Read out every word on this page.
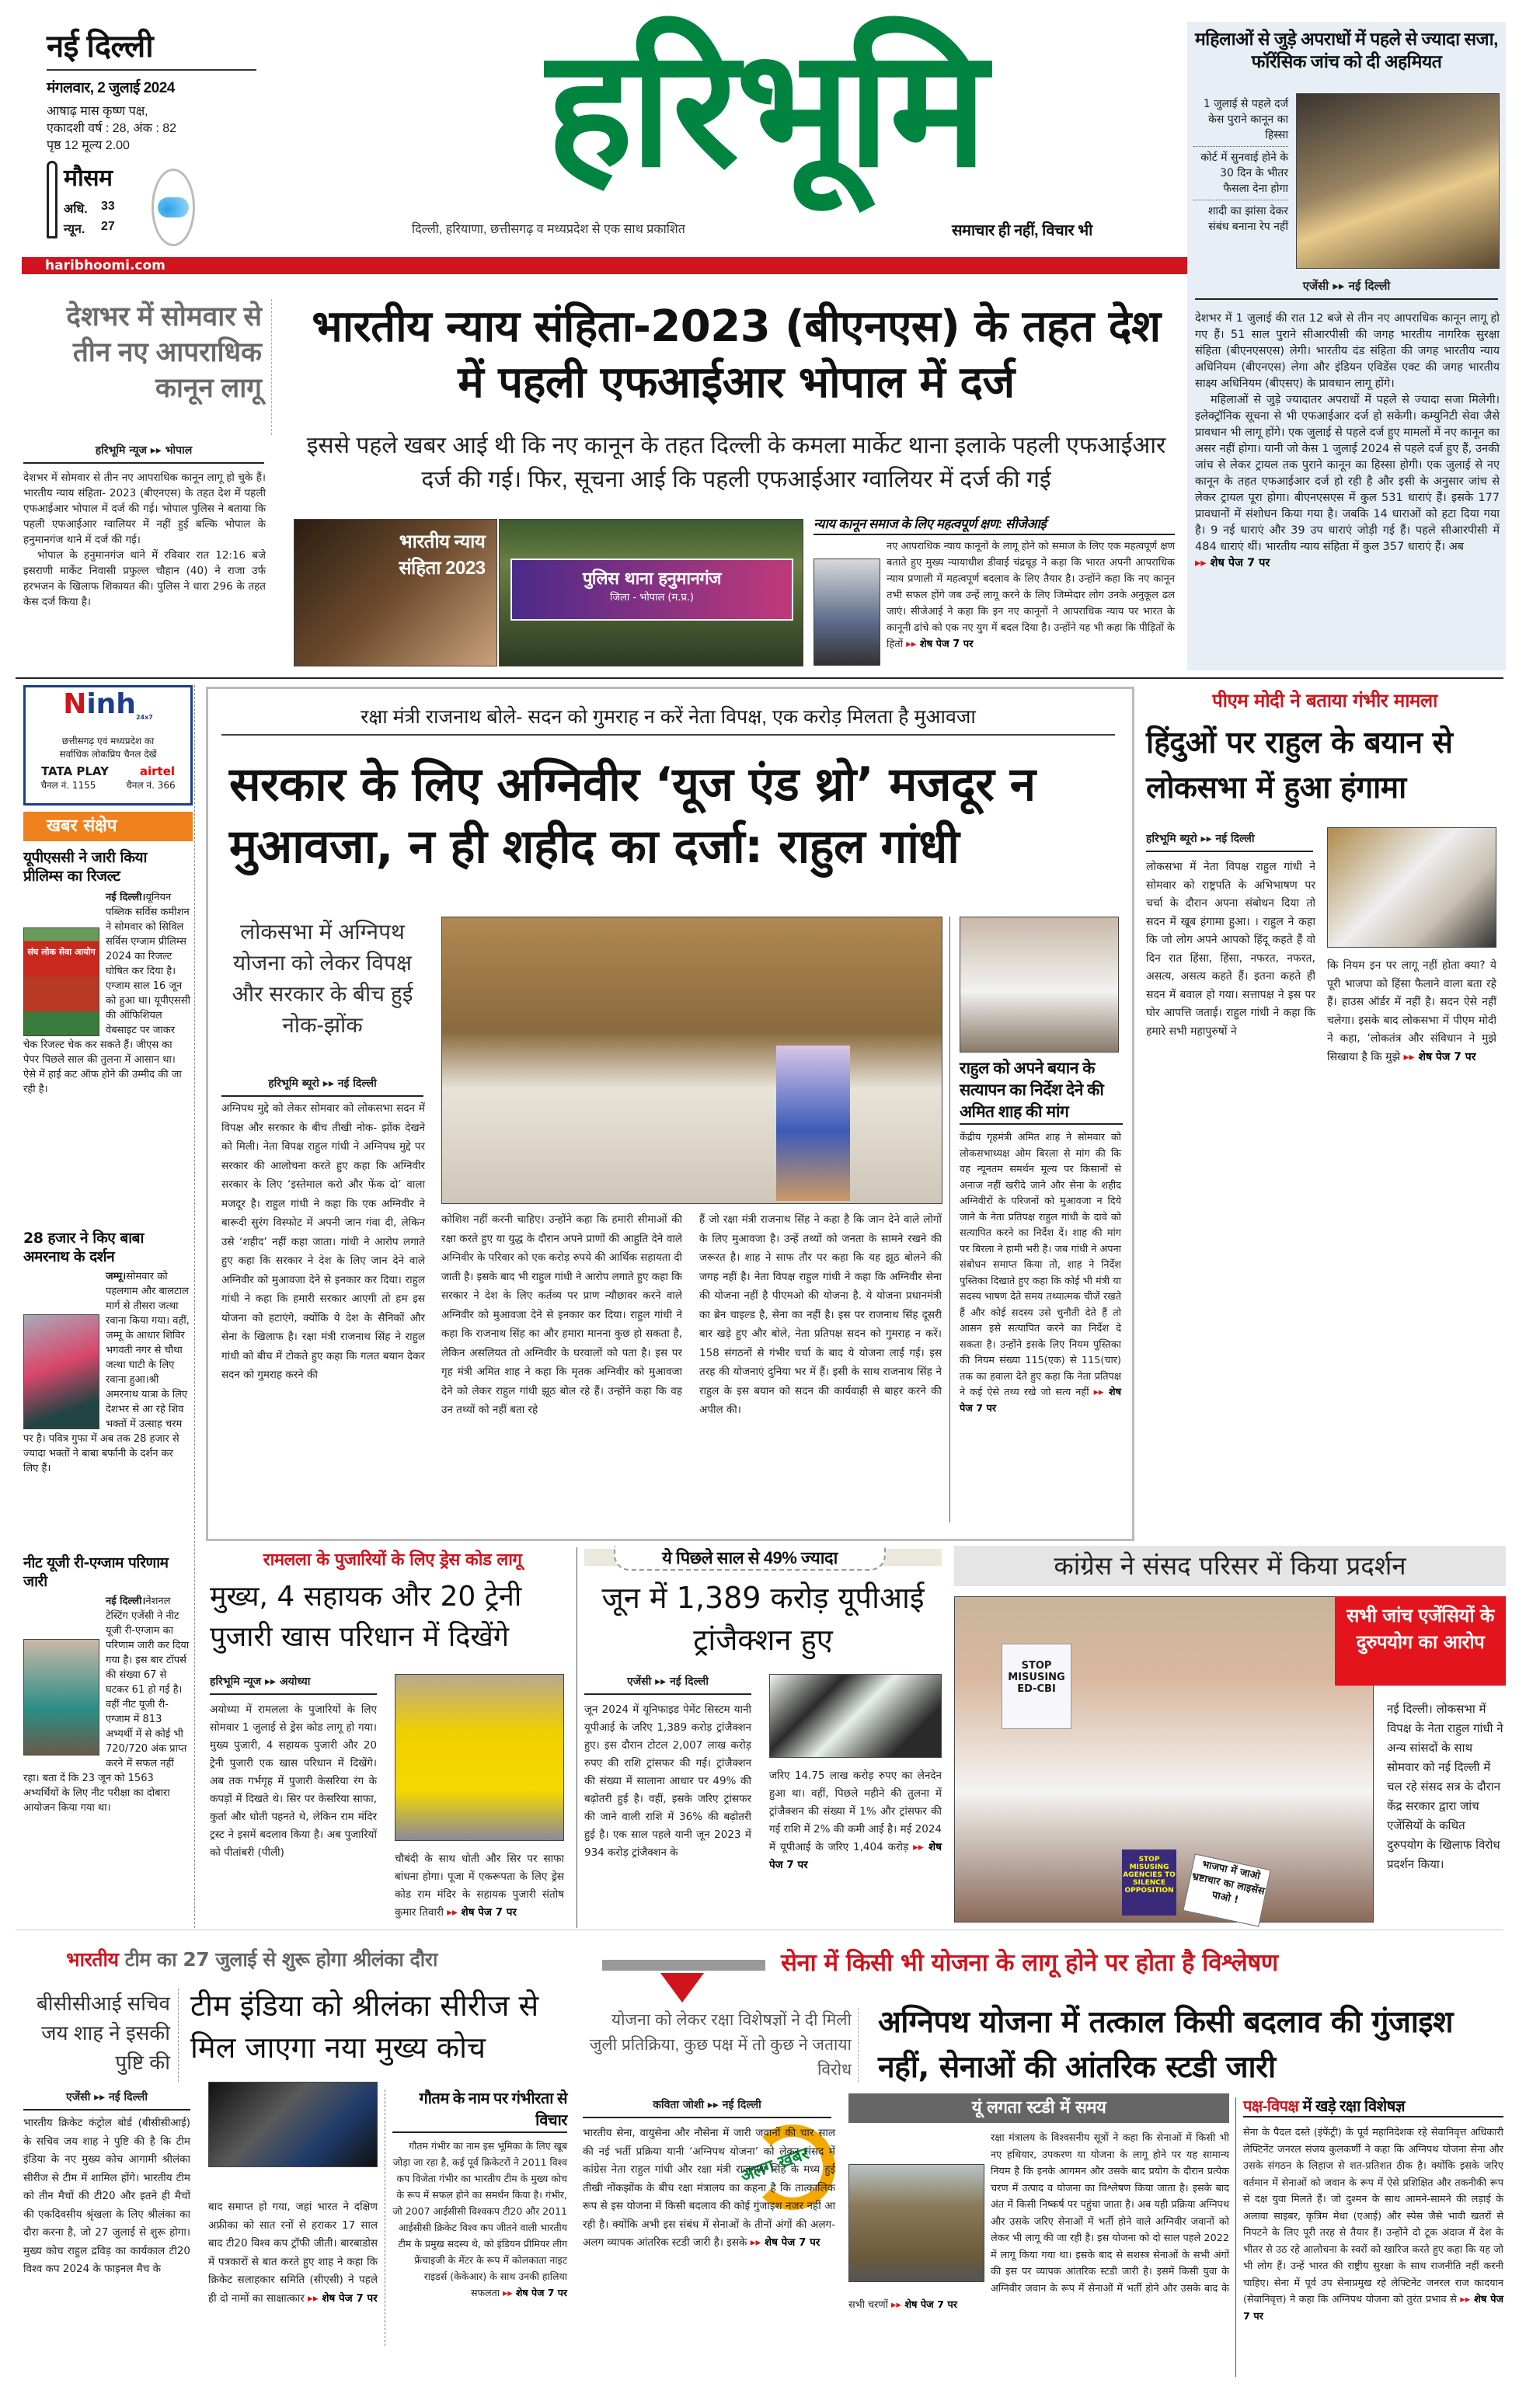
नई दिल्ली
मंगलवार, 2 जुलाई 2024
आषाढ़ मास कृष्ण पक्ष,
एकादशी वर्ष : 28, अंक : 82
पृष्ठ 12 मूल्य 2.00
मौसम
अधि. 33
न्यून. 27
हरिभूमि
दिल्ली, हरियाणा, छत्तीसगढ़ व मध्यप्रदेश से एक साथ प्रकाशित	समाचार ही नहीं, विचार भी
haribhoomi.com
महिलाओं से जुड़े अपराधों में पहले से ज्यादा सजा, फॉरेंसिक जांच को दी अहमियत
1 जुलाई से पहले दर्ज केस पुराने कानून का हिस्सा
कोर्ट में सुनवाई होने के 30 दिन के भीतर फैसला देना होगा
शादी का झांसा देकर संबंध बनाना रेप नहीं
एजेंसी ▸▸ नई दिल्ली

देशभर में 1 जुलाई की रात 12 बजे से तीन नए आपराधिक कानून लागू हो गए हैं। 51 साल पुराने सीआरपीसी की जगह भारतीय नागरिक सुरक्षा संहिता (बीएनएसएस) लेगी। भारतीय दंड संहिता की जगह भारतीय न्याय अधिनियम (बीएनएस) लेगा और इंडियन एविडेंस एक्ट की जगह भारतीय साक्ष्य अधिनियम (बीएसए) के प्रावधान लागू होंगे।

महिलाओं से जुड़े ज्यादातर अपराधों में पहले से ज्यादा सजा मिलेगी। इलेक्ट्रॉनिक सूचना से भी एफआईआर दर्ज हो सकेगी। कम्युनिटी सेवा जैसे प्रावधान भी लागू होंगे। एक जुलाई से पहले दर्ज हुए मामलों में नए कानून का असर नहीं होगा। यानी जो केस 1 जुलाई 2024 से पहले दर्ज हुए हैं, उनकी जांच से लेकर ट्रायल तक पुराने कानून का हिस्सा होगी। एक जुलाई से नए कानून के तहत एफआईआर दर्ज हो रही है और इसी के अनुसार जांच से लेकर ट्रायल पूरा होगा। बीएनएसएस में कुल 531 धाराएं हैं। इसके 177 प्रावधानों में संशोधन किया गया है। जबकि 14 धाराओं को हटा दिया गया है। 9 नई धाराएं और 39 उप धाराएं जोड़ी गई हैं। पहले सीआरपीसी में 484 धाराएं थीं। भारतीय न्याय संहिता में कुल 357 धाराएं हैं। अब

▸▸ शेष पेज 7 पर
देशभर में सोमवार से तीन नए आपराधिक कानून लागू
हरिभूमि न्यूज ▸▸ भोपाल

देशभर में सोमवार से तीन नए आपराधिक कानून लागू हो चुके हैं। भारतीय न्याय संहिता- 2023 (बीएनएस) के तहत देश में पहली एफआईआर भोपाल में दर्ज की गई। भोपाल पुलिस ने बताया कि पहली एफआईआर ग्वालियर में नहीं हुई बल्कि भोपाल के हनुमानगंज थाने में दर्ज की गई।

भोपाल के हनुमानगंज थाने में रविवार रात 12:16 बजे इसराणी मार्केट निवासी प्रफुल्ल चौहान (40) ने राजा उर्फ हरभजन के खिलाफ शिकायत की। पुलिस ने धारा 296 के तहत केस दर्ज किया है।

भारतीय न्याय संहिता-2023 (बीएनएस) के तहत देश में पहली एफआईआर भोपाल में दर्ज
इससे पहले खबर आई थी कि नए कानून के तहत दिल्ली के कमला मार्केट थाना इलाके पहली एफआईआर दर्ज की गई। फिर, सूचना आई कि पहली एफआईआर ग्वालियर में दर्ज की गई
भारतीय न्याय संहिता 2023
पुलिस थाना हनुमानगंज
जिला - भोपाल (म.प्र.)
न्याय कानून समाज के लिए महत्वपूर्ण क्षण: सीजेआई
नए आपराधिक न्याय कानूनों के लागू होने को समाज के लिए एक महत्वपूर्ण क्षण बताते हुए मुख्य न्यायाधीश डीवाई चंद्रचूड़ ने कहा कि भारत अपनी आपराधिक न्याय प्रणाली में महत्वपूर्ण बदलाव के लिए तैयार है। उन्होंने कहा कि नए कानून तभी सफल होंगे जब उन्हें लागू करने के लिए जिम्मेदार लोग उनके अनुकूल ढल जाएं। सीजेआई ने कहा कि इन नए कानूनों ने आपराधिक न्याय पर भारत के कानूनी ढांचे को एक नए युग में बदल दिया है। उन्होंने यह भी कहा कि पीड़ितों के हितों ▸▸ शेष पेज 7 पर
Ninh$_{24x7}$
छत्तीसगढ़ एवं मध्यप्रदेश का
सर्वाधिक लोकप्रिय चैनल देखें
TATA PLAY	airtel
चैनल नं. 1155	चैनल नं. 366
खबर संक्षेप
यूपीएससी ने जारी किया प्रीलिम्स का रिजल्ट
संघ लोक सेवा आयोग
नई दिल्ली।यूनियन पब्लिक सर्विस कमीशन ने सोमवार को सिविल सर्विस एग्जाम प्रीलिम्स 2024 का रिजल्ट घोषित कर दिया है। एग्जाम साल 16 जून को हुआ था। यूपीएससी की ऑफिशियल वेबसाइट पर जाकर चेक रिजल्ट चेक कर सकते हैं। जीएस का पेपर पिछले साल की तुलना में आसान था। ऐसे में हाई कट ऑफ होने की उम्मीद की जा रही है।
28 हजार ने किए बाबा अमरनाथ के दर्शन
जम्मू।सोमवार को पहलगाम और बालटाल मार्ग से तीसरा जत्था रवाना किया गया। वहीं, जम्मू के आधार शिविर भगवती नगर से चौथा जत्था घाटी के लिए रवाना हुआ।श्री अमरनाथ यात्रा के लिए देशभर से आ रहे शिव भक्तों में उत्साह चरम पर है। पवित्र गुफा में अब तक 28 हजार से ज्यादा भक्तों ने बाबा बर्फानी के दर्शन कर लिए हैं।
नीट यूजी री-एग्जाम परिणाम जारी
नई दिल्ली।नेशनल टेस्टिंग एजेंसी ने नीट यूजी री-एग्जाम का परिणाम जारी कर दिया गया है। इस बार टॉपर्स की संख्या 67 से घटकर 61 हो गई है। वहीं नीट यूजी री-एग्जाम में 813 अभ्यर्थी में से कोई भी 720/720 अंक प्राप्त करने में सफल नहीं रहा। बता दें कि 23 जून को 1563 अभ्यर्थियों के लिए नीट परीक्षा का दोबारा आयोजन किया गया था।
रक्षा मंत्री राजनाथ बोले- सदन को गुमराह न करें नेता विपक्ष, एक करोड़ मिलता है मुआवजा
सरकार के लिए अग्निवीर ‘यूज एंड थ्रो’ मजदूर न मुआवजा, न ही शहीद का दर्जा: राहुल गांधी
लोकसभा में अग्निपथ योजना को लेकर विपक्ष और सरकार के बीच हुई नोक-झोंक
हरिभूमि ब्यूरो ▸▸ नई दिल्ली
अग्निपथ मुद्दे को लेकर सोमवार को लोकसभा सदन में विपक्ष और सरकार के बीच तीखी नोक- झोंक देखने को मिली। नेता विपक्ष राहुल गांधी ने अग्निपथ मुद्दे पर सरकार की आलोचना करते हुए कहा कि अग्निवीर सरकार के लिए ‘इस्तेमाल करो और फेंक दो’ वाला मजदूर है। राहुल गांधी ने कहा कि एक अग्निवीर ने बारूदी सुरंग विस्फोट में अपनी जान गंवा दी, लेकिन उसे ‘शहीद’ नहीं कहा जाता। गांधी ने आरोप लगाते हुए कहा कि सरकार ने देश के लिए जान देने वाले अग्निवीर को मुआवजा देने से इनकार कर दिया। राहुल गांधी ने कहा कि हमारी सरकार आएगी तो हम इस योजना को हटाएंगे, क्योंकि ये देश के सैनिकों और सेना के खिलाफ है। रक्षा मंत्री राजनाथ सिंह ने राहुल गांधी को बीच में टोकते हुए कहा कि गलत बयान देकर सदन को गुमराह करने की
कोशिश नहीं करनी चाहिए। उन्होंने कहा कि हमारी सीमाओं की रक्षा करते हुए या युद्ध के दौरान अपने प्राणों की आहुति देने वाले अग्निवीर के परिवार को एक करोड़ रुपये की आर्थिक सहायता दी जाती है। इसके बाद भी राहुल गांधी ने आरोप लगाते हुए कहा कि सरकार ने देश के लिए कर्तव्य पर प्राण न्यौछावर करने वाले अग्निवीर को मुआवजा देने से इनकार कर दिया। राहुल गांधी ने कहा कि राजनाथ सिंह का और हमारा मानना कुछ हो सकता है, लेकिन असलियत तो अग्निवीर के घरवालों को पता है। इस पर गृह मंत्री अमित शाह ने कहा कि मृतक अग्निवीर को मुआवजा देने को लेकर राहुल गांधी झूठ बोल रहे हैं। उन्होंने कहा कि वह उन तथ्यों को नहीं बता रहे
हैं जो रक्षा मंत्री राजनाथ सिंह ने कहा है कि जान देने वाले लोगों के लिए मुआवजा है। उन्हें तथ्यों को जनता के सामने रखने की जरूरत है। शाह ने साफ तौर पर कहा कि यह झूठ बोलने की जगह नहीं है। नेता विपक्ष राहुल गांधी ने कहा कि अग्निवीर सेना की योजना नहीं है पीएमओ की योजना है. ये योजना प्रधानमंत्री का ब्रेन चाइल्ड है, सेना का नहीं है। इस पर राजनाथ सिंह दूसरी बार खड़े हुए और बोले, नेता प्रतिपक्ष सदन को गुमराह न करें। 158 संगठनों से गंभीर चर्चा के बाद ये योजना लाई गई। इस तरह की योजनाएं दुनिया भर में हैं। इसी के साथ राजनाथ सिंह ने राहुल के इस बयान को सदन की कार्यवाही से बाहर करने की अपील की।
राहुल को अपने बयान के सत्यापन का निर्देश देने की अमित शाह की मांग
केंद्रीय गृहमंत्री अमित शाह ने सोमवार को लोकसभाध्यक्ष ओम बिरला से मांग की कि वह न्यूनतम समर्थन मूल्य पर किसानों से अनाज नहीं खरीदे जाने और सेना के शहीद अग्निवीरों के परिजनों को मुआवजा न दिये जाने के नेता प्रतिपक्ष राहुल गांधी के दावे को सत्यापित करने का निर्देश दें। शाह की मांग पर बिरला ने हामी भरी है। जब गांधी ने अपना संबोधन समाप्त किया तो, शाह ने निर्देश पुस्तिका दिखाते हुए कहा कि कोई भी मंत्री या सदस्य भाषण देते समय तथ्यात्मक चीजें रखते हैं और कोई सदस्य उसे चुनौती देते हैं तो आसन इसे सत्यापित करने का निर्देश दे सकता है। उन्होंने इसके लिए नियम पुस्तिका की नियम संख्या 115(एक) से 115(चार) तक का हवाला देते हुए कहा कि नेता प्रतिपक्ष ने कई ऐसे तथ्य रखे जो सत्य नहीं ▸▸ शेष पेज 7 पर
पीएम मोदी ने बताया गंभीर मामला
हिंदुओं पर राहुल के बयान से लोकसभा में हुआ हंगामा
हरिभूमि ब्यूरो ▸▸ नई दिल्ली
लोकसभा में नेता विपक्ष राहुल गांधी ने सोमवार को राष्ट्रपति के अभिभाषण पर चर्चा के दौरान अपना संबोधन दिया तो सदन में खूब हंगामा हुआ। । राहुल ने कहा कि जो लोग अपने आपको हिंदू कहते हैं वो दिन रात हिंसा, हिंसा, नफरत, नफरत, असत्य, असत्य कहते हैं। इतना कहते ही सदन में बवाल हो गया। सत्तापक्ष ने इस पर घोर आपत्ति जताई। राहुल गांधी ने कहा कि हमारे सभी महापुरुषों ने
कि नियम इन पर लागू नहीं होता क्या? ये पूरी भाजपा को हिंसा फैलाने वाला बता रहे हैं। हाउस ऑर्डर में नहीं है। सदन ऐसे नहीं चलेगा। इसके बाद लोकसभा में पीएम मोदी ने कहा, ‘लोकतंत्र और संविधान ने मुझे सिखाया है कि मुझे ▸▸ शेष पेज 7 पर
रामलला के पुजारियों के लिए ड्रेस कोड लागू
मुख्य, 4 सहायक और 20 ट्रेनी पुजारी खास परिधान में दिखेंगे
हरिभूमि न्यूज ▸▸ अयोध्या
अयोध्या में रामलला के पुजारियों के लिए सोमवार 1 जुलाई से ड्रेस कोड लागू हो गया। मुख्य पुजारी, 4 सहायक पुजारी और 20 ट्रेनी पुजारी एक खास परिधान में दिखेंगे। अब तक गर्भगृह में पुजारी केसरिया रंग के कपड़ों में दिखते थे। सिर पर केसरिया साफा, कुर्ता और धोती पहनते थे, लेकिन राम मंदिर ट्रस्ट ने इसमें बदलाव किया है। अब पुजारियों को पीतांबरी (पीली)	चौबंदी के साथ धोती और सिर पर साफा बांधना होगा। पूजा में एकरूपता के लिए ड्रेस कोड राम मंदिर के सहायक पुजारी संतोष कुमार तिवारी ▸▸ शेष पेज 7 पर
ये पिछले साल से 49% ज्यादा
जून में 1,389 करोड़ यूपीआई ट्रांजैक्शन हुए
एजेंसी ▸▸ नई दिल्ली
जून 2024 में यूनिफाइड पेमेंट सिस्टम यानी यूपीआई के जरिए 1,389 करोड़ ट्रांजैक्शन हुए। इस दौरान टोटल 2,007 लाख करोड़ रुपए की राशि ट्रांसफर की गई। ट्रांजैक्शन की संख्या में सालाना आधार पर 49% की बढ़ोतरी हुई है। वहीं, इसके जरिए ट्रांसफर की जाने वाली राशि में 36% की बढ़ोतरी हुई है। एक साल पहले यानी जून 2023 में 934 करोड़ ट्रांजैक्शन के
जरिए 14.75 लाख करोड़ रुपए का लेनदेन हुआ था। वहीं, पिछले महीने की तुलना में ट्रांजैक्शन की संख्या में 1% और ट्रांसफर की गई राशि में 2% की कमी आई है। मई 2024 में यूपीआई के जरिए 1,404 करोड़ ▸▸ शेष पेज 7 पर
कांग्रेस ने संसद परिसर में किया प्रदर्शन
STOP MISUSING ED-CBI
STOP MISUSING AGENCIES TO SILENCE OPPOSITION
भाजपा में जाओ भ्रष्टाचार का लाइसेंस पाओ !
सभी जांच एजेंसियों के दुरुपयोग का आरोप
नई दिल्ली। लोकसभा में विपक्ष के नेता राहुल गांधी ने अन्य सांसदों के साथ सोमवार को नई दिल्ली में चल रहे संसद सत्र के दौरान केंद्र सरकार द्वारा जांच एजेंसियों के कथित दुरुपयोग के खिलाफ विरोध प्रदर्शन किया।
भारतीय टीम का 27 जुलाई से शुरू होगा श्रीलंका दौरा
बीसीसीआई सचिव जय शाह ने इसकी पुष्टि की
टीम इंडिया को श्रीलंका सीरीज से मिल जाएगा नया मुख्य कोच
एजेंसी ▸▸ नई दिल्ली
भारतीय क्रिकेट कंट्रोल बोर्ड (बीसीसीआई) के सचिव जय शाह ने पुष्टि की है कि टीम इंडिया के नए मुख्य कोच आगामी श्रीलंका सीरीज से टीम में शामिल होंगे। भारतीय टीम को तीन मैचों की टी20 और इतने ही मैचों की एकदिवसीय श्रृंखला के लिए श्रीलंका का दौरा करना है, जो 27 जुलाई से शुरू होगा। मुख्य कोच राहुल द्रविड़ का कार्यकाल टी20 विश्व कप 2024 के फाइनल मैच के
बाद समाप्त हो गया, जहां भारत ने दक्षिण अफ्रीका को सात रनों से हराकर 17 साल बाद टी20 विश्व कप ट्रॉफी जीती। बारबाडोस में पत्रकारों से बात करते हुए शाह ने कहा कि क्रिकेट सलाहकार समिति (सीएसी) ने पहले ही दो नामों का साक्षात्कार ▸▸ शेष पेज 7 पर
गौतम के नाम पर गंभीरता से विचार
गौतम गंभीर का नाम इस भूमिका के लिए खूब जोड़ा जा रहा है, कई पूर्व क्रिकेटरों ने 2011 विश्व कप विजेता गंभीर का भारतीय टीम के मुख्य कोच के रूप में सफल होने का समर्थन किया है। गंभीर, जो 2007 आईसीसी विश्वकप टी20 और 2011 आईसीसी क्रिकेट विश्व कप जीतने वाली भारतीय टीम के प्रमुख सदस्य थे, को इंडियन प्रीमियर लीग फ्रेंचाइजी के मेंटर के रूप में कोलकाता नाइट राइडर्स (केकेआर) के साथ उनकी हालिया सफलता ▸▸ शेष पेज 7 पर
सेना में किसी भी योजना के लागू होने पर होता है विश्लेषण
योजना को लेकर रक्षा विशेषज्ञों ने दी मिली जुली प्रतिक्रिया, कुछ पक्ष में तो कुछ ने जताया विरोध
अग्निपथ योजना में तत्काल किसी बदलाव की गुंजाइश नहीं, सेनाओं की आंतरिक स्टडी जारी
कविता जोशी ▸▸ नई दिल्ली
अलग खबर
भारतीय सेना, वायुसेना और नौसेना में जारी जवानों की चार साल की नई भर्ती प्रक्रिया यानी ‘अग्निपथ योजना’ को लेकर संसद में कांग्रेस नेता राहुल गांधी और रक्षा मंत्री राजनाथ सिंह के मध्य हुई तीखी नोंकझोंक के बीच रक्षा मंत्रालय का कहना है कि तात्कालिक रूप से इस योजना में किसी बदलाव की कोई गुंजाइश नजर नहीं आ रही है। क्योंकि अभी इस संबंध में सेनाओं के तीनों अंगों की अलग-अलग व्यापक आंतरिक स्टडी जारी है। इसके ▸▸ शेष पेज 7 पर
यूं लगता स्टडी में समय
रक्षा मंत्रालय के विश्वसनीय सूत्रों ने कहा कि सेनाओं में किसी भी नए हथियार, उपकरण या योजना के लागू होने पर यह सामान्य नियम है कि इनके आगमन और उसके बाद प्रयोग के दौरान प्रत्येक चरण में उत्पाद व योजना का विश्लेषण किया जाता है। इसके बाद अंत में किसी निष्कर्ष पर पहुंचा जाता है। अब यही प्रक्रिया अग्निपथ और उसके जरिए सेनाओं में भर्ती होने वाले अग्निवीर जवानों को लेकर भी लागू की जा रही है। इस योजना को दो साल पहले 2022 में लागू किया गया था। इसके बाद से सशस्त्र सेनाओं के सभी अंगों की इस पर व्यापक आंतरिक स्टडी जारी है। इसमें किसी युवा के अग्निवीर जवान के रूप में सेनाओं में भर्ती होने और उसके बाद के सभी चरणों ▸▸ शेष पेज 7 पर
पक्ष-विपक्ष में खड़े रक्षा विशेषज्ञ
सेना के पैदल दस्ते (इंफेंट्री) के पूर्व महानिदेशक रहे सेवानिवृत्त अधिकारी लेफ्टिनेंट जनरल संजय कुलकर्णी ने कहा कि अग्निपथ योजना सेना और उसके संगठन के लिहाज से शत-प्रतिशत ठीक है। क्योंकि इसके जरिए वर्तमान में सेनाओं को जवान के रूप में ऐसे प्रशिक्षित और तकनीकी रूप से दक्ष युवा मिलते हैं। जो दुश्मन के साथ आमने-सामने की लड़ाई के अलावा साइबर, कृत्रिम मेधा (एआई) और स्पेस जैसे भावी खतरों से निपटने के लिए पूरी तरह से तैयार हैं। उन्होंने दो टूक अंदाज में देश के भीतर से उठ रहे आलोचना के स्वरों को खारिज करते हुए कहा कि यह जो भी लोग हैं। उन्हें भारत की राष्ट्रीय सुरक्षा के साथ राजनीति नहीं करनी चाहिए। सेना में पूर्व उप सेनाप्रमुख रहे लेफ्टिनेंट जनरल राज कादयान (सेवानिवृत्त) ने कहा कि अग्निपथ योजना को तुरंत प्रभाव से ▸▸ शेष पेज 7 पर
